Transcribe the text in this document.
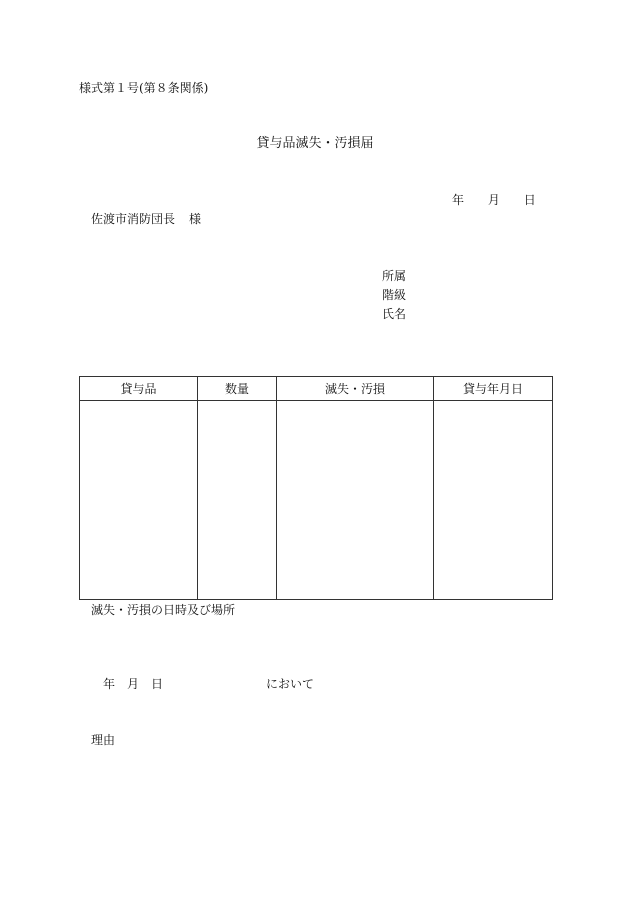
様式第１号(第８条関係)
貸与品滅失・汚損届
年 月 日
佐渡市消防団長 様
所属
階級
氏名
貸与品	数量	滅失・汚損	貸与年月日

滅失・汚損の日時及び場所
年 月 日	において
理由
